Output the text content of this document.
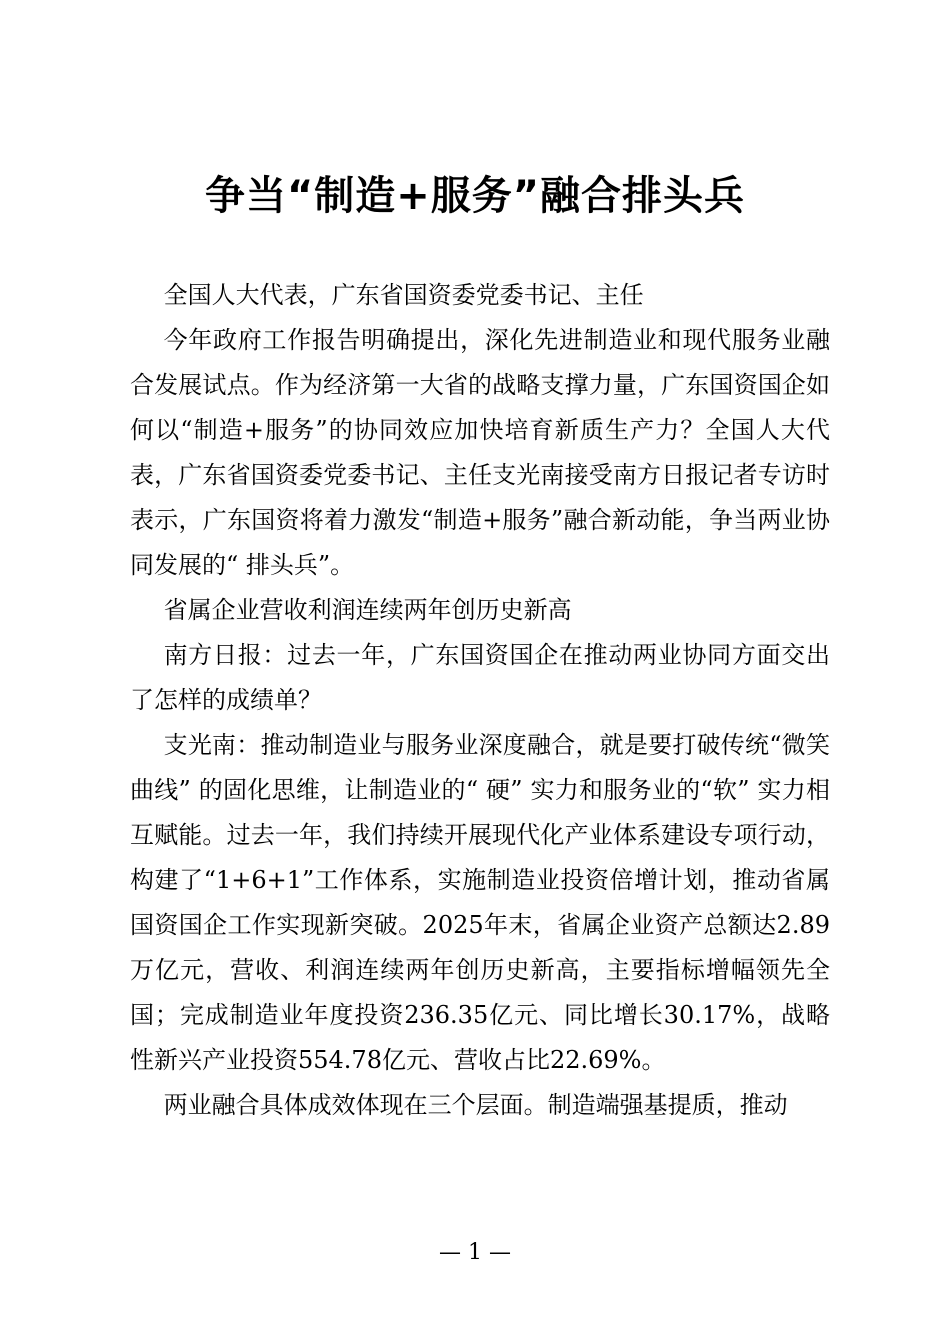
争当“制造+服务”融合排头兵

全国人大代表，广东省国资委党委书记、主任

今年政府工作报告明确提出，深化先进制造业和现代服务业融合发展试点。作为经济第一大省的战略支撑力量，广东国资国企如何以“制造+服务”的协同效应加快培育新质生产力？全国人大代表，广东省国资委党委书记、主任支光南接受南方日报记者专访时表示，广东国资将着力激发“制造+服务”融合新动能，争当两业协同发展的“ 排头兵”。

省属企业营收利润连续两年创历史新高

南方日报：过去一年，广东国资国企在推动两业协同方面交出了怎样的成绩单？

支光南：推动制造业与服务业深度融合，就是要打破传统“微笑曲线” 的固化思维，让制造业的“ 硬” 实力和服务业的“软” 实力相互赋能。过去一年，我们持续开展现代化产业体系建设专项行动，构建了“1+6+1”工作体系，实施制造业投资倍增计划，推动省属国资国企工作实现新突破。2025年末，省属企业资产总额达2.89万亿元，营收、利润连续两年创历史新高，主要指标增幅领先全国；完成制造业年度投资236.35亿元、同比增长30.17%，战略性新兴产业投资554.78亿元、营收占比22.69%。

两业融合具体成效体现在三个层面。制造端强基提质，推动

— 1 —
